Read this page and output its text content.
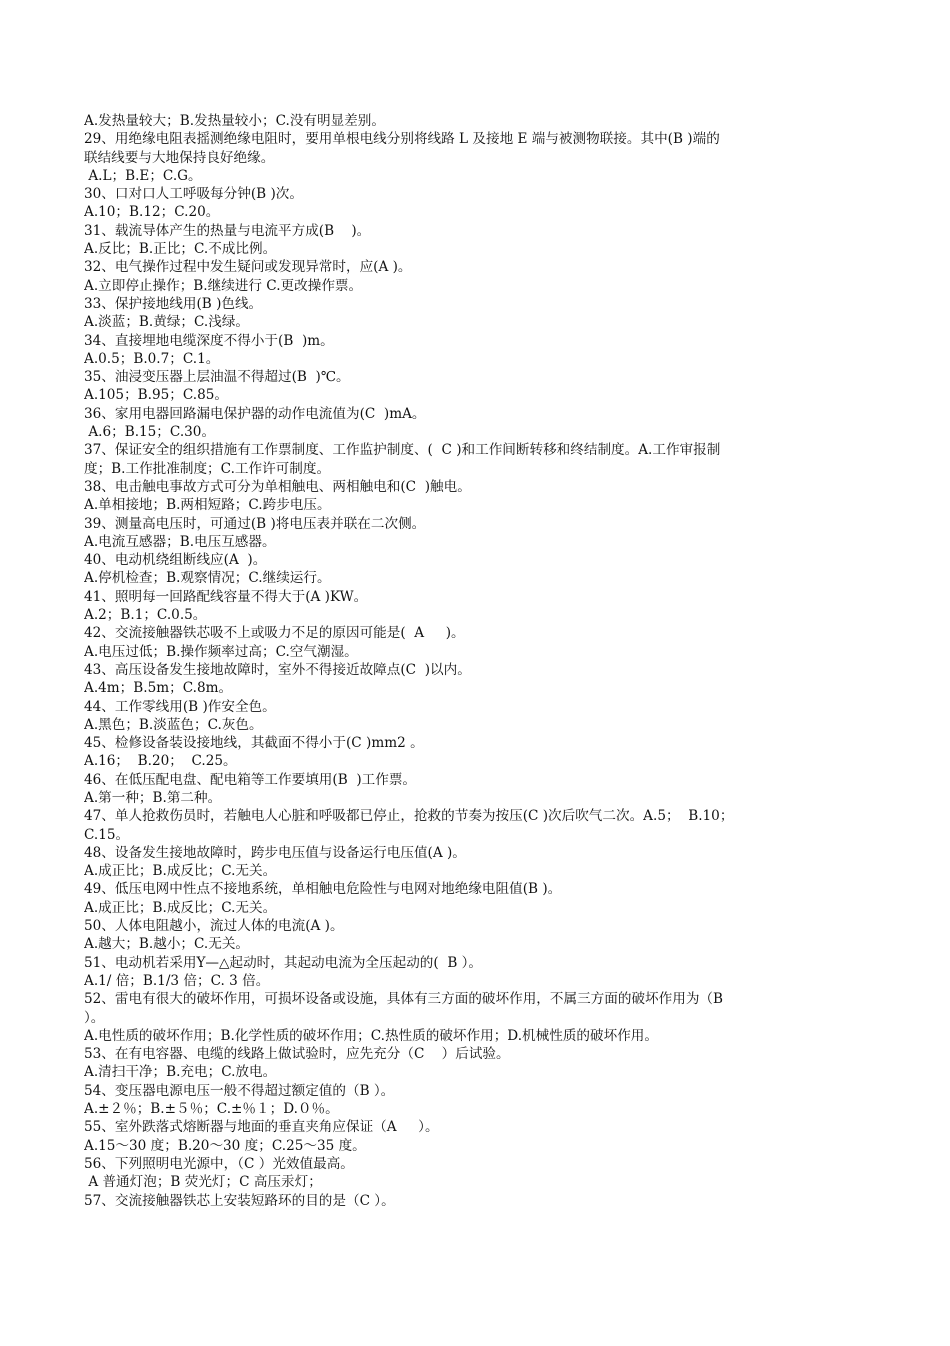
A.发热量较大；B.发热量较小；C.没有明显差别。
29、用绝缘电阻表摇测绝缘电阻时，要用单根电线分别将线路 L 及接地 E 端与被测物联接。其中(B )端的
联结线要与大地保持良好绝缘。
A.L；B.E；C.G。
30、口对口人工呼吸每分钟(B )次。
A.10；B.12；C.20。
31、载流导体产生的热量与电流平方成(B    )。
A.反比；B.正比；C.不成比例。
32、电气操作过程中发生疑问或发现异常时，应(A )。
A.立即停止操作；B.继续进行 C.更改操作票。
33、保护接地线用(B )色线。
A.淡蓝；B.黄绿；C.浅绿。
34、直接埋地电缆深度不得小于(B  )m。
A.0.5；B.0.7；C.1。
35、油浸变压器上层油温不得超过(B  )℃。
A.105；B.95；C.85。
36、家用电器回路漏电保护器的动作电流值为(C  )mA。
A.6；B.15；C.30。
37、保证安全的组织措施有工作票制度、工作监护制度、(  C )和工作间断转移和终结制度。A.工作审报制
度；B.工作批准制度；C.工作许可制度。
38、电击触电事故方式可分为单相触电、两相触电和(C  )触电。
A.单相接地；B.两相短路；C.跨步电压。
39、测量高电压时，可通过(B )将电压表并联在二次侧。
A.电流互感器；B.电压互感器。
40、电动机绕组断线应(A  )。
A.停机检查；B.观察情况；C.继续运行。
41、照明每一回路配线容量不得大于(A )KW。
A.2；B.1；C.0.5。
42、交流接触器铁芯吸不上或吸力不足的原因可能是(  A     )。
A.电压过低；B.操作频率过高；C.空气潮湿。
43、高压设备发生接地故障时，室外不得接近故障点(C  )以内。
A.4m；B.5m；C.8m。
44、工作零线用(B )作安全色。
A.黑色；B.淡蓝色；C.灰色。
45、检修设备装设接地线，其截面不得小于(C )mm2 。
A.16；  B.20；  C.25。
46、在低压配电盘、配电箱等工作要填用(B  )工作票。
A.第一种；B.第二种。
47、单人抢救伤员时，若触电人心脏和呼吸都已停止，抢救的节奏为按压(C )次后吹气二次。A.5；  B.10；
C.15。
48、设备发生接地故障时，跨步电压值与设备运行电压值(A )。
A.成正比；B.成反比；C.无关。
49、低压电网中性点不接地系统，单相触电危险性与电网对地绝缘电阻值(B )。
A.成正比；B.成反比；C.无关。
50、人体电阻越小，流过人体的电流(A )。
A.越大；B.越小；C.无关。
51、电动机若采用Y—△起动时，其起动电流为全压起动的(  B ）。
A.1/ 倍；B.1/3 倍；C. 3 倍。
52、雷电有很大的破坏作用，可损坏设备或设施，具体有三方面的破坏作用，不属三方面的破坏作用为（B
）。
A.电性质的破坏作用；B.化学性质的破坏作用；C.热性质的破坏作用；D.机械性质的破坏作用。
53、在有电容器、电缆的线路上做试验时，应先充分（C    ）后试验。
A.清扫干净；B.充电；C.放电。
54、变压器电源电压一般不得超过额定值的（B ）。
A.±２％；B.±５％；C.±％１；D.０％。
55、室外跌落式熔断器与地面的垂直夹角应保证（A     ）。
A.15～30 度；B.20～30 度；C.25～35 度。
56、下列照明电光源中，（C ）光效值最高。
A 普通灯泡；B 荧光灯；C 高压汞灯；
57、交流接触器铁芯上安装短路环的目的是（C ）。
